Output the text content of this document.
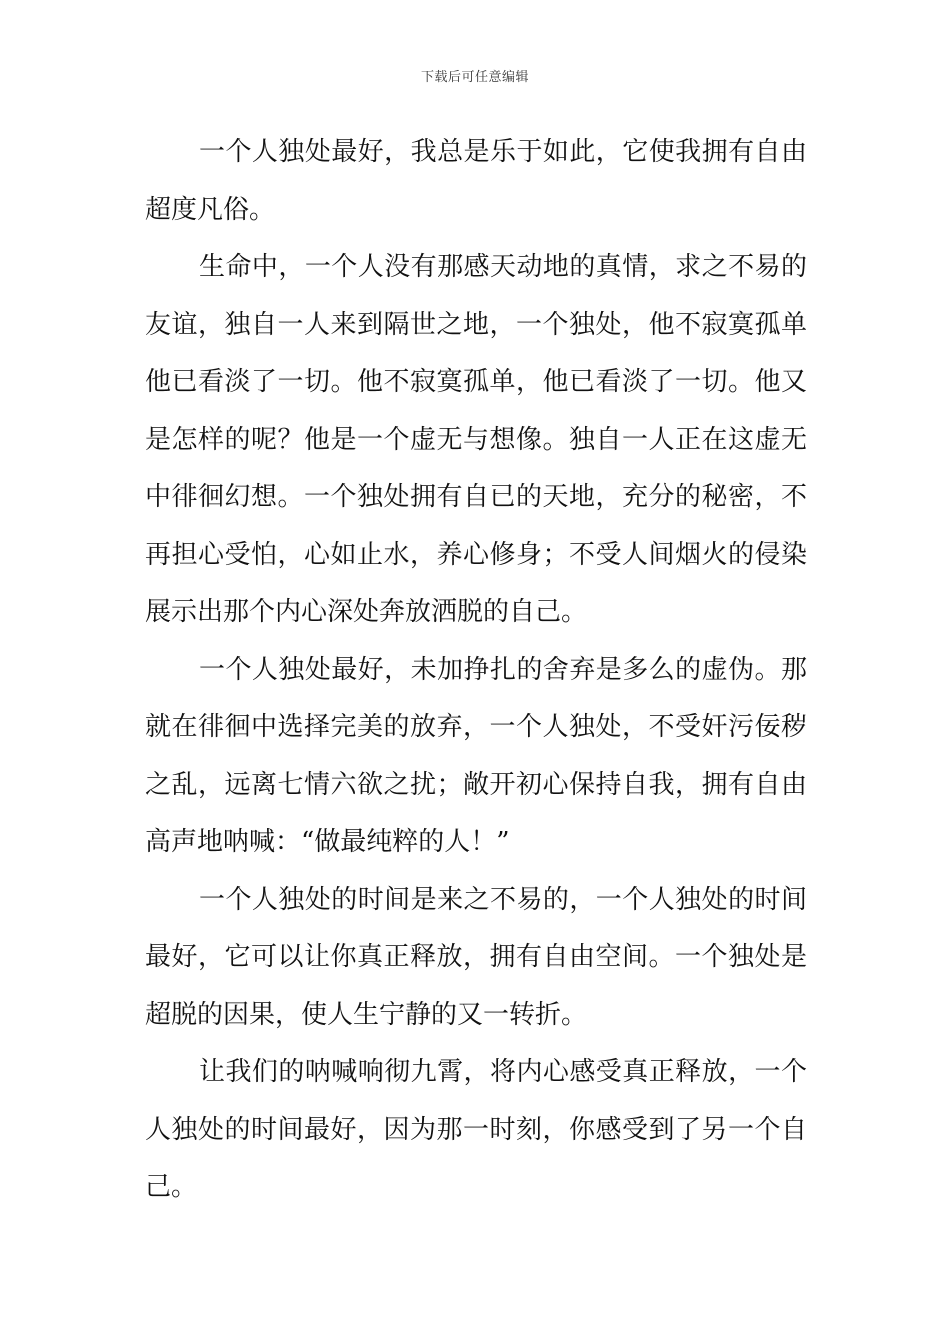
下载后可任意编辑

一个人独处最好，我总是乐于如此，它使我拥有自由超度凡俗。

生命中，一个人没有那感天动地的真情，求之不易的友谊，独自一人来到隔世之地，一个独处，他不寂寞孤单他已看淡了一切。他不寂寞孤单，他已看淡了一切。他又是怎样的呢？他是一个虚无与想像。独自一人正在这虚无中徘徊幻想。一个独处拥有自已的天地，充分的秘密，不再担心受怕，心如止水，养心修身；不受人间烟火的侵染展示出那个内心深处奔放洒脱的自己。

一个人独处最好，未加挣扎的舍弃是多么的虚伪。那就在徘徊中选择完美的放弃，一个人独处，不受奸污佞秽之乱，远离七情六欲之扰；敞开初心保持自我，拥有自由高声地呐喊：“做最纯粹的人！”

一个人独处的时间是来之不易的，一个人独处的时间最好，它可以让你真正释放，拥有自由空间。一个独处是超脱的因果，使人生宁静的又一转折。

让我们的呐喊响彻九霄，将内心感受真正释放，一个人独处的时间最好，因为那一时刻，你感受到了另一个自己。
